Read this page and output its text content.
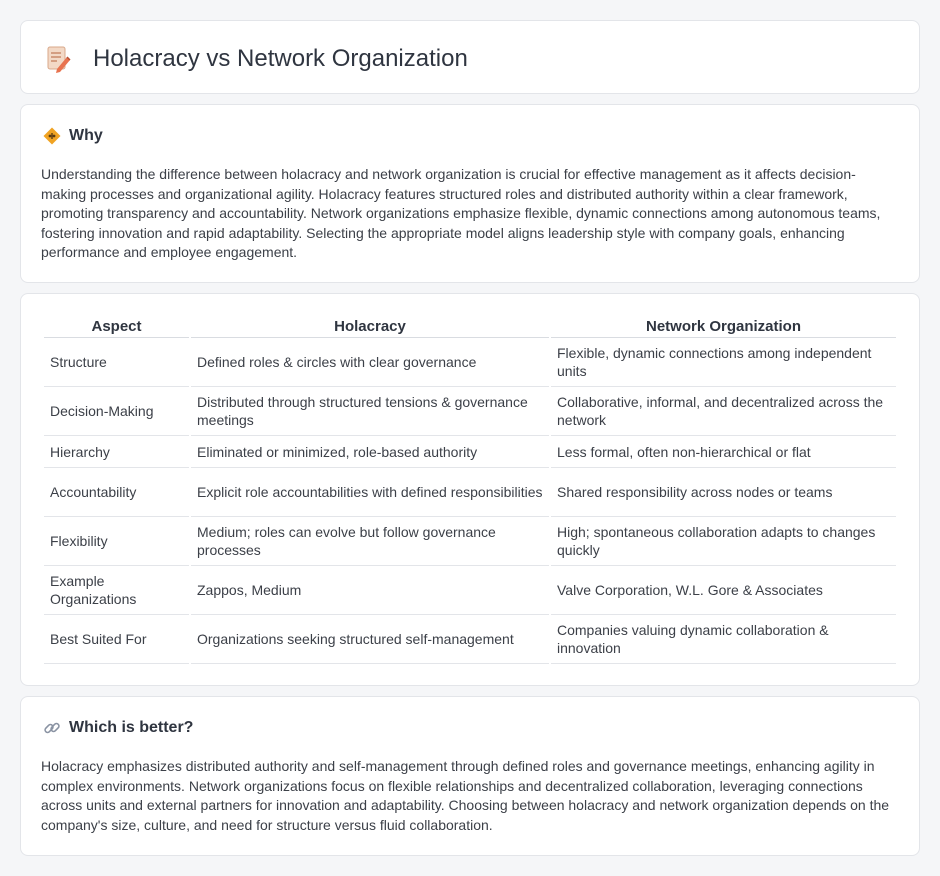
Holacracy vs Network Organization
Why

Understanding the difference between holacracy and network organization is crucial for effective management as it affects decision-making processes and organizational agility. Holacracy features structured roles and distributed authority within a clear framework, promoting transparency and accountability. Network organizations emphasize flexible, dynamic connections among autonomous teams, fostering innovation and rapid adaptability. Selecting the appropriate model aligns leadership style with company goals, enhancing performance and employee engagement.

Aspect	Holacracy	Network Organization
Structure	Defined roles & circles with clear governance	Flexible, dynamic connections among independent units
Decision-Making	Distributed through structured tensions & governance meetings	Collaborative, informal, and decentralized across the network
Hierarchy	Eliminated or minimized, role-based authority	Less formal, often non-hierarchical or flat
Accountability	Explicit role accountabilities with defined responsibilities	Shared responsibility across nodes or teams
Flexibility	Medium; roles can evolve but follow governance processes	High; spontaneous collaboration adapts to changes quickly
Example Organizations	Zappos, Medium	Valve Corporation, W.L. Gore & Associates
Best Suited For	Organizations seeking structured self-management	Companies valuing dynamic collaboration & innovation
Which is better?

Holacracy emphasizes distributed authority and self-management through defined roles and governance meetings, enhancing agility in complex environments. Network organizations focus on flexible relationships and decentralized collaboration, leveraging connections across units and external partners for innovation and adaptability. Choosing between holacracy and network organization depends on the company's size, culture, and need for structure versus fluid collaboration.
